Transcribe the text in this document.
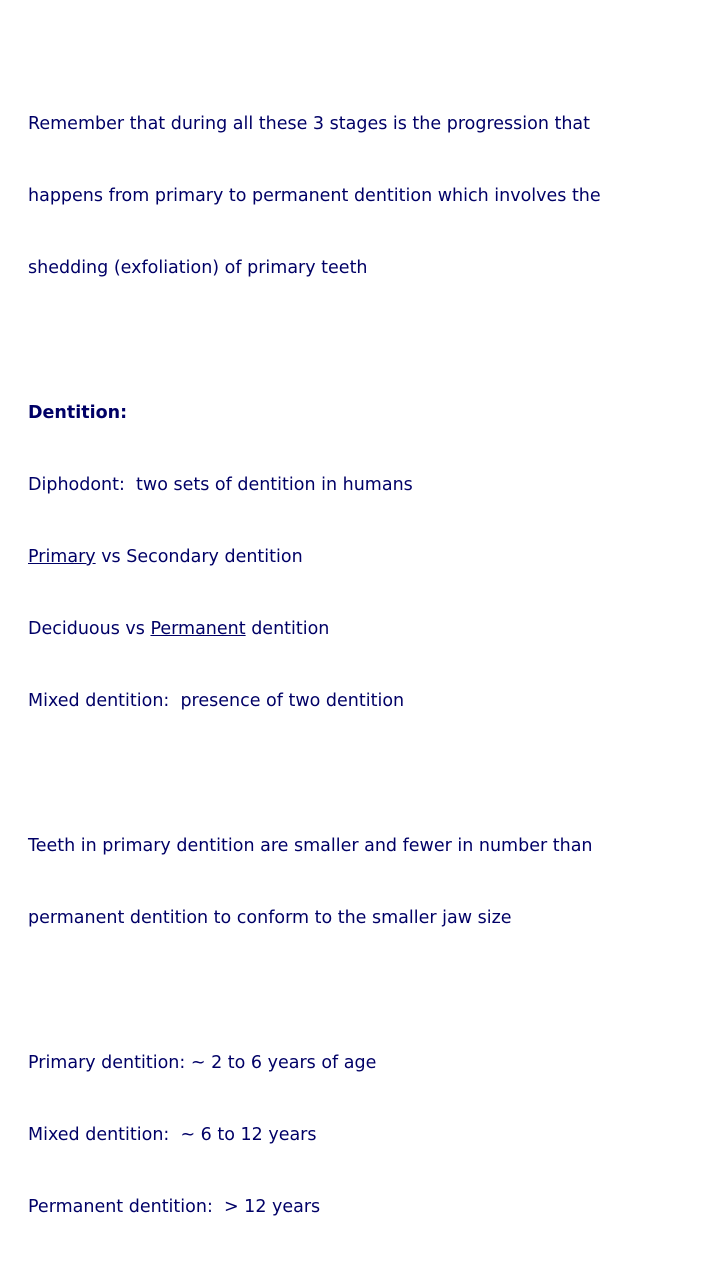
Remember that during all these 3 stages is the progression that

happens from primary to permanent dentition which involves the

shedding (exfoliation) of primary teeth

Dentition:

Diphodont:  two sets of dentition in humans

Primary vs Secondary dentition

Deciduous vs Permanent dentition

Mixed dentition:  presence of two dentition

Teeth in primary dentition are smaller and fewer in number than

permanent dentition to conform to the smaller jaw size

Primary dentition: ~ 2 to 6 years of age

Mixed dentition:  ~ 6 to 12 years

Permanent dentition:  > 12 years
